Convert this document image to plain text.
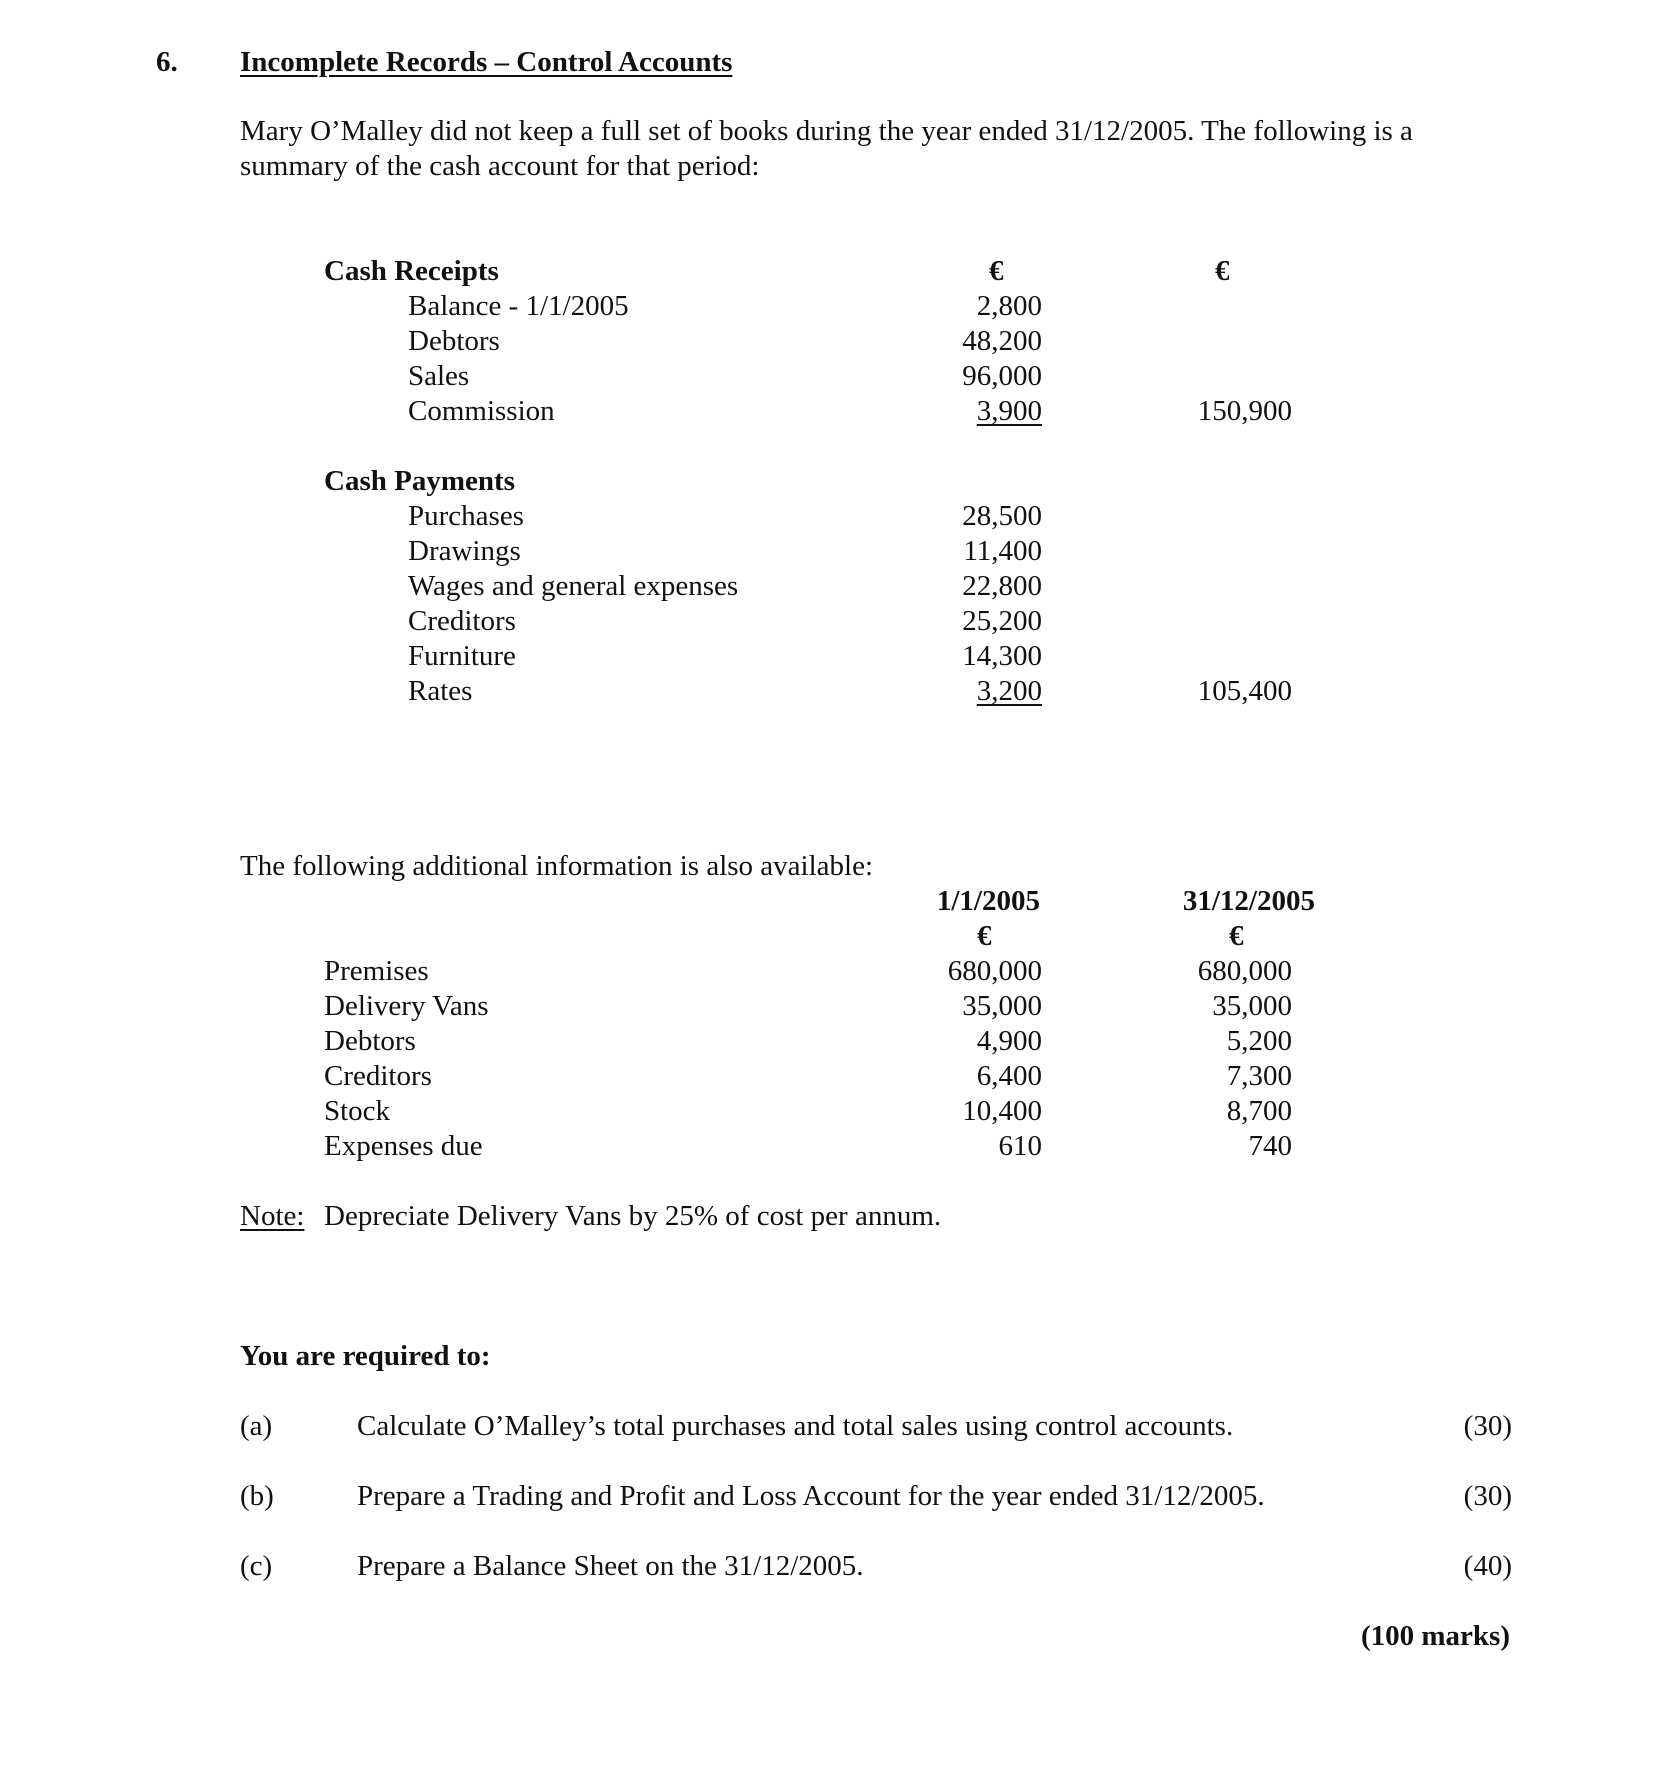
6. Incomplete Records – Control Accounts
Mary O’Malley did not keep a full set of books during the year ended 31/12/2005. The following is a
summary of the cash account for that period:
Cash Receipts	€	€
Balance - 1/1/2005	2,800
Debtors	48,200
Sales	96,000
Commission	3,900	150,900
Cash Payments
Purchases	28,500
Drawings	11,400
Wages and general expenses	22,800
Creditors	25,200
Furniture	14,300
Rates	3,200	105,400
The following additional information is also available:
1/1/2005	31/12/2005
€	€
Premises	680,000	680,000
Delivery Vans	35,000	35,000
Debtors	4,900	5,200
Creditors	6,400	7,300
Stock	10,400	8,700
Expenses due	610	740
Note: Depreciate Delivery Vans by 25% of cost per annum.
You are required to:
(a)	Calculate O’Malley’s total purchases and total sales using control accounts.	(30)
(b)	Prepare a Trading and Profit and Loss Account for the year ended 31/12/2005.	(30)
(c)	Prepare a Balance Sheet on the 31/12/2005.	(40)
(100 marks)
